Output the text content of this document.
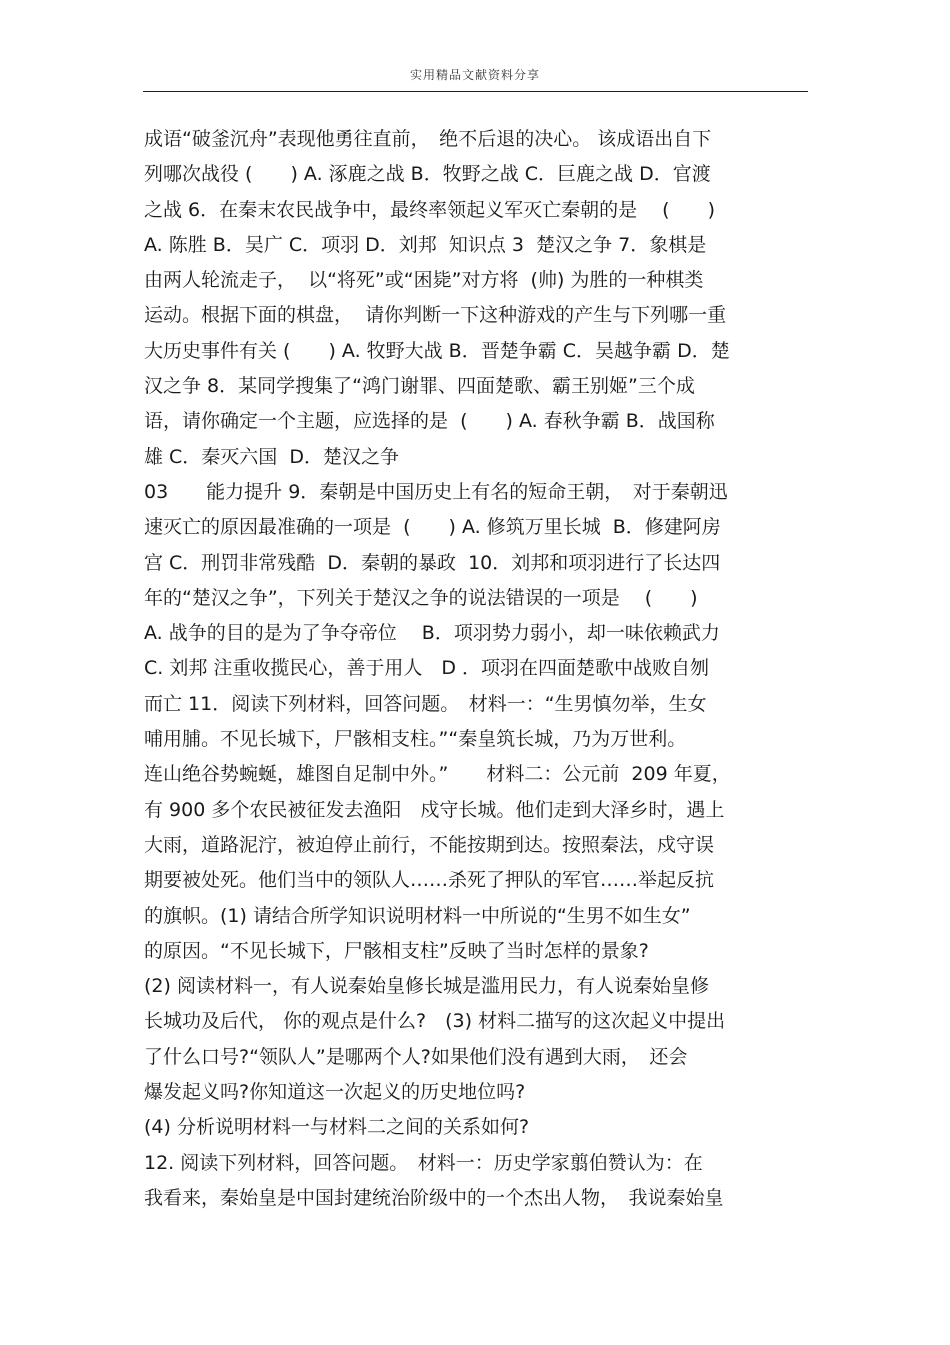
实用精品文献资料分享
成语“破釜沉舟”表现他勇往直前，　绝不后退的决心。 该成语出自下
列哪次战役 (　　) A. 涿鹿之战 B．牧野之战 C．巨鹿之战 D．官渡
之战 6．在秦末农民战争中，最终率领起义军灭亡秦朝的是　 (　　)
A. 陈胜 B．吴广 C．项羽 D．刘邦  知识点 3  楚汉之争 7．象棋是
由两人轮流走子，  以“将死”或“困毙”对方将  (帅) 为胜的一种棋类
运动。根据下面的棋盘，  请你判断一下这种游戏的产生与下列哪一重
大历史事件有关 (　　) A. 牧野大战 B．晋楚争霸 C．吴越争霸 D．楚
汉之争 8．某同学搜集了“鸿门谢罪、四面楚歌、霸王别姬”三个成
语，请你确定一个主题，应选择的是  (　　) A. 春秋争霸 B．战国称
雄 C．秦灭六国  D．楚汉之争
03　　能力提升 9．秦朝是中国历史上有名的短命王朝，　对于秦朝迅
速灭亡的原因最准确的一项是  (　　) A. 修筑万里长城  B．修建阿房
宫 C．刑罚非常残酷  D．秦朝的暴政  10．刘邦和项羽进行了长达四
年的“楚汉之争”，下列关于楚汉之争的说法错误的一项是　 (　　)
A. 战争的目的是为了争夺帝位　 B．项羽势力弱小，却一味依赖武力
C. 刘邦 注重收揽民心，善于用人　D ．项羽在四面楚歌中战败自刎
而亡 11．阅读下列材料，回答问题。　材料一：“生男慎勿举，生女
哺用脯。不见长城下，尸骸相支柱。”“秦皇筑长城，乃为万世利。
连山绝谷势蜿蜒，雄图自足制中外。”　　材料二：公元前  209 年夏，
有 900 多个农民被征发去渔阳　戍守长城。他们走到大泽乡时，遇上
大雨，道路泥泞，被迫停止前行，不能按期到达。按照秦法，戍守误
期要被处死。他们当中的领队人……杀死了押队的军官……举起反抗
的旗帜。(1) 请结合所学知识说明材料一中所说的“生男不如生女”
的原因。“不见长城下，尸骸相支柱”反映了当时怎样的景象?
(2) 阅读材料一，有人说秦始皇修长城是滥用民力，有人说秦始皇修
长城功及后代， 你的观点是什么?　(3) 材料二描写的这次起义中提出
了什么口号?“领队人”是哪两个人?如果他们没有遇到大雨，　还会
爆发起义吗?你知道这一次起义的历史地位吗?
(4) 分析说明材料一与材料二之间的关系如何?
12. 阅读下列材料，回答问题。　材料一：历史学家翦伯赞认为：在
我看来，秦始皇是中国封建统治阶级中的一个杰出人物，　我说秦始皇
